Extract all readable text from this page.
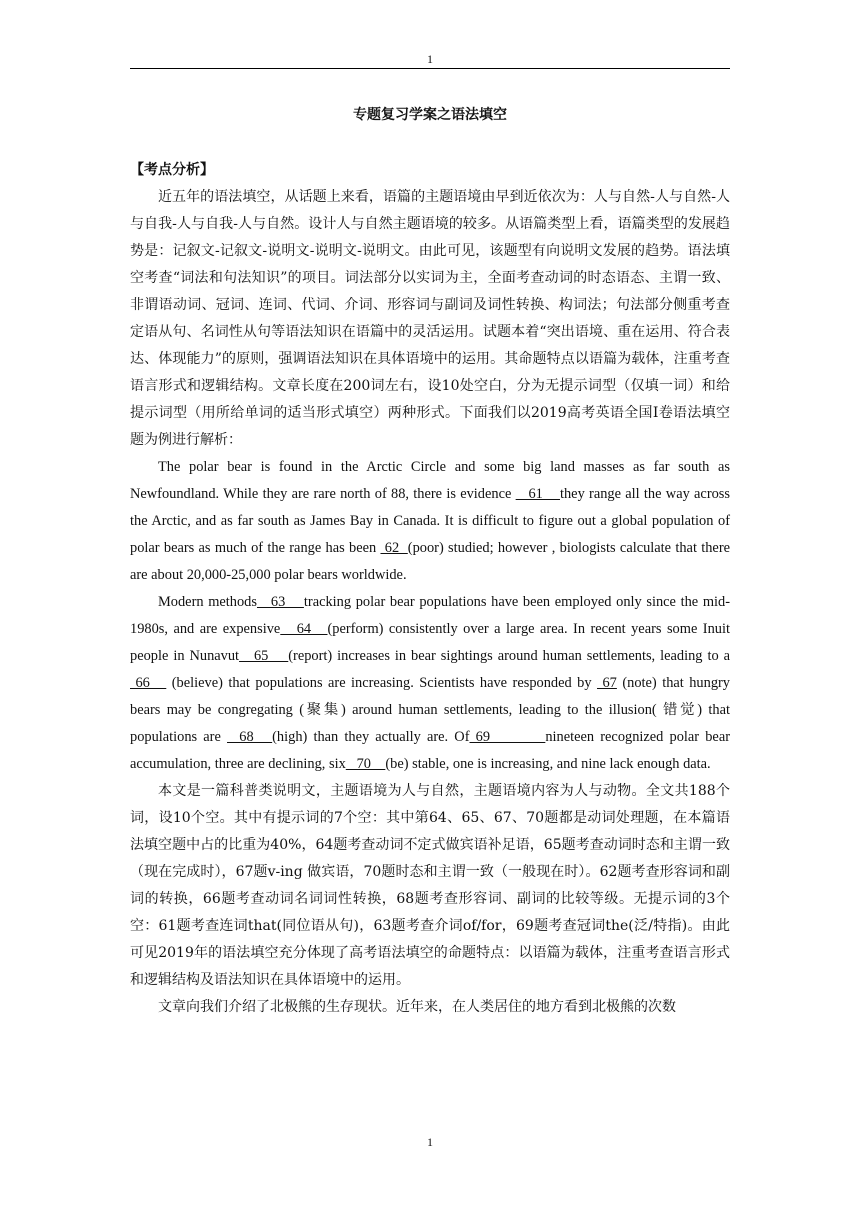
1
专题复习学案之语法填空

【考点分析】

近五年的语法填空，从话题上来看，语篇的主题语境由早到近依次为：人与自然-人与自然-人与自我-人与自我-人与自然。设计人与自然主题语境的较多。从语篇类型上看，语篇类型的发展趋势是：记叙文-记叙文-说明文-说明文-说明文。由此可见，该题型有向说明文发展的趋势。语法填空考查“词法和句法知识”的项目。词法部分以实词为主，全面考查动词的时态语态、主谓一致、非谓语动词、冠词、连词、代词、介词、形容词与副词及词性转换、构词法；句法部分侧重考查定语从句、名词性从句等语法知识在语篇中的灵活运用。试题本着“突出语境、重在运用、符合表达、体现能力”的原则，强调语法知识在具体语境中的运用。其命题特点以语篇为载体，注重考查语言形式和逻辑结构。文章长度在200词左右，设10处空白，分为无提示词型（仅填一词）和给提示词型（用所给单词的适当形式填空）两种形式。下面我们以2019高考英语全国Ⅰ卷语法填空题为例进行解析：

The polar bear is found in the Arctic Circle and some big land masses as far south as Newfoundland. While they are rare north of 88, there is evidence    61    they range all the way across the Arctic, and as far south as James Bay in Canada. It is difficult to figure out a global population of polar bears as much of the range has been  62  (poor) studied; however , biologists calculate that there are about 20,000-25,000 polar bears worldwide.

Modern methods   63    tracking polar bear populations have been employed only since the mid-1980s, and are expensive   64   (perform) consistently over a large area. In recent years some Inuit people in Nunavut   65    (report) increases in bear sightings around human settlements, leading to a  66    (believe) that populations are increasing. Scientists have responded by  67 (note) that hungry bears may be congregating (聚集) around human settlements, leading to the illusion( 错觉) that populations are   68   (high) than they actually are. Of 69         nineteen recognized polar bear accumulation, three are declining, six   70    (be) stable, one is increasing, and nine lack enough data.

本文是一篇科普类说明文，主题语境为人与自然，主题语境内容为人与动物。全文共188个词，设10个空。其中有提示词的7个空：其中第64、65、67、70题都是动词处理题，在本篇语法填空题中占的比重为40%，64题考查动词不定式做宾语补足语，65题考查动词时态和主谓一致（现在完成时），67题v-ing 做宾语，70题时态和主谓一致（一般现在时）。62题考查形容词和副词的转换，66题考查动词名词词性转换，68题考查形容词、副词的比较等级。无提示词的3个空：61题考查连词that(同位语从句)，63题考查介词of/for，69题考查冠词the(泛/特指)。由此可见2019年的语法填空充分体现了高考语法填空的命题特点：以语篇为载体，注重考查语言形式和逻辑结构及语法知识在具体语境中的运用。

文章向我们介绍了北极熊的生存现状。近年来，在人类居住的地方看到北极熊的次数

1
